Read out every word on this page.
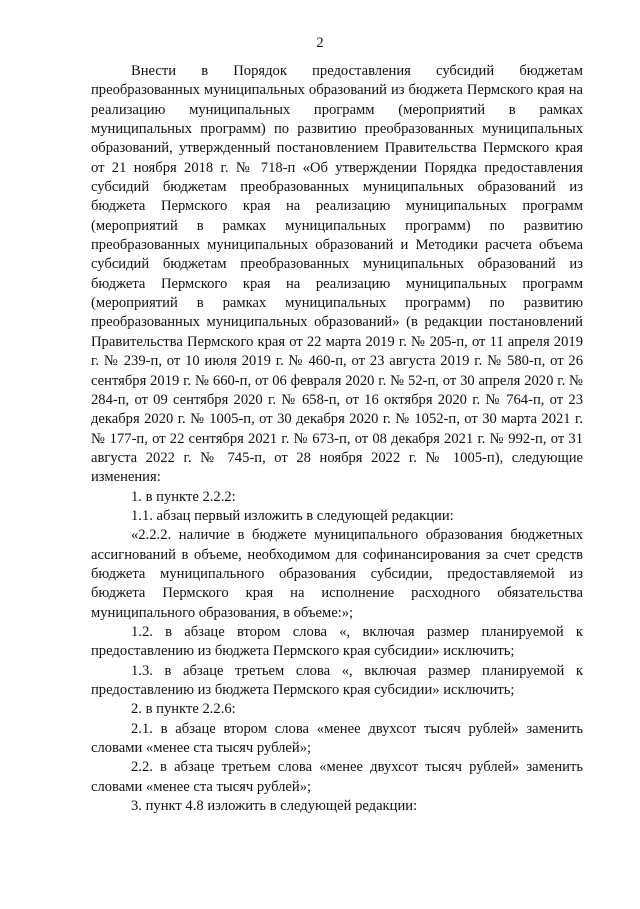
2

Внести в Порядок предоставления субсидий бюджетам преобразованных муниципальных образований из бюджета Пермского края на реализацию муниципальных программ (мероприятий в рамках муниципальных программ) по развитию преобразованных муниципальных образований, утвержденный постановлением Правительства Пермского края от 21 ноября 2018 г. № 718-п «Об утверждении Порядка предоставления субсидий бюджетам преобразованных муниципальных образований из бюджета Пермского края на реализацию муниципальных программ (мероприятий в рамках муниципальных программ) по развитию преобразованных муниципальных образований и Методики расчета объема субсидий бюджетам преобразованных муниципальных образований из бюджета Пермского края на реализацию муниципальных программ (мероприятий в рамках муниципальных программ) по развитию преобразованных муниципальных образований» (в редакции постановлений Правительства Пермского края от 22 марта 2019 г. № 205-п, от 11 апреля 2019 г. № 239-п, от 10 июля 2019 г. № 460-п, от 23 августа 2019 г. № 580-п, от 26 сентября 2019 г. № 660-п, от 06 февраля 2020 г. № 52-п, от 30 апреля 2020 г. № 284-п, от 09 сентября 2020 г. № 658-п, от 16 октября 2020 г. № 764-п, от 23 декабря 2020 г. № 1005-п, от 30 декабря 2020 г. № 1052-п, от 30 марта 2021 г. № 177-п, от 22 сентября 2021 г. № 673-п, от 08 декабря 2021 г. № 992-п, от 31 августа 2022 г. № 745-п, от 28 ноября 2022 г. № 1005-п), следующие изменения:

1. в пункте 2.2.2:

1.1. абзац первый изложить в следующей редакции:

«2.2.2. наличие в бюджете муниципального образования бюджетных ассигнований в объеме, необходимом для софинансирования за счет средств бюджета муниципального образования субсидии, предоставляемой из бюджета Пермского края на исполнение расходного обязательства муниципального образования, в объеме:»;

1.2. в абзаце втором слова «, включая размер планируемой к предоставлению из бюджета Пермского края субсидии» исключить;

1.3. в абзаце третьем слова «, включая размер планируемой к предоставлению из бюджета Пермского края субсидии» исключить;

2. в пункте 2.2.6:

2.1. в абзаце втором слова «менее двухсот тысяч рублей» заменить словами «менее ста тысяч рублей»;

2.2. в абзаце третьем слова «менее двухсот тысяч рублей» заменить словами «менее ста тысяч рублей»;

3. пункт 4.8 изложить в следующей редакции:
